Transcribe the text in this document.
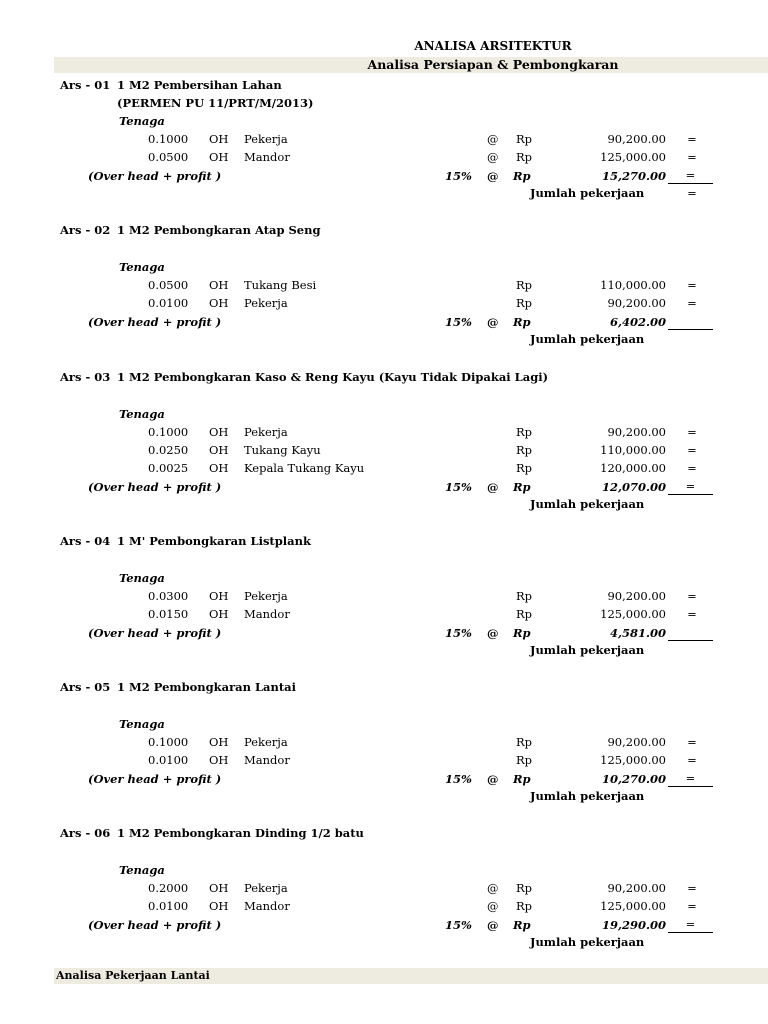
ANALISA ARSITEKTUR
Analisa Persiapan & Pembongkaran
Ars - 01 1 M2 Pembersihan Lahan
(PERMEN PU 11/PRT/M/2013)
Tenaga
0.1000 OH Pekerja	@ Rp	90,200.00	=
0.0500 OH Mandor	@ Rp	125,000.00	=
(Over head + profit )	15% @ Rp	15,270.00	=
Jumlah pekerjaan	=
Ars - 02 1 M2 Pembongkaran Atap Seng
Tenaga
0.0500 OH Tukang Besi	Rp	110,000.00	=
0.0100 OH Pekerja	Rp	90,200.00	=
(Over head + profit )	15% @ Rp	6,402.00
Jumlah pekerjaan
Ars - 03 1 M2 Pembongkaran Kaso & Reng Kayu (Kayu Tidak Dipakai Lagi)
Tenaga
0.1000 OH Pekerja	Rp	90,200.00	=
0.0250 OH Tukang Kayu	Rp	110,000.00	=
0.0025 OH Kepala Tukang Kayu	Rp	120,000.00	=
(Over head + profit )	15% @ Rp	12,070.00	=
Jumlah pekerjaan
Ars - 04 1 M' Pembongkaran Listplank
Tenaga
0.0300 OH Pekerja	Rp	90,200.00	=
0.0150 OH Mandor	Rp	125,000.00	=
(Over head + profit )	15% @ Rp	4,581.00
Jumlah pekerjaan
Ars - 05 1 M2 Pembongkaran Lantai
Tenaga
0.1000 OH Pekerja	Rp	90,200.00	=
0.0100 OH Mandor	Rp	125,000.00	=
(Over head + profit )	15% @ Rp	10,270.00	=
Jumlah pekerjaan
Ars - 06 1 M2 Pembongkaran Dinding 1/2 batu
Tenaga
0.2000 OH Pekerja	@ Rp	90,200.00	=
0.0100 OH Mandor	@ Rp	125,000.00	=
(Over head + profit )	15% @ Rp	19,290.00	=
Jumlah pekerjaan
Analisa Pekerjaan Lantai
